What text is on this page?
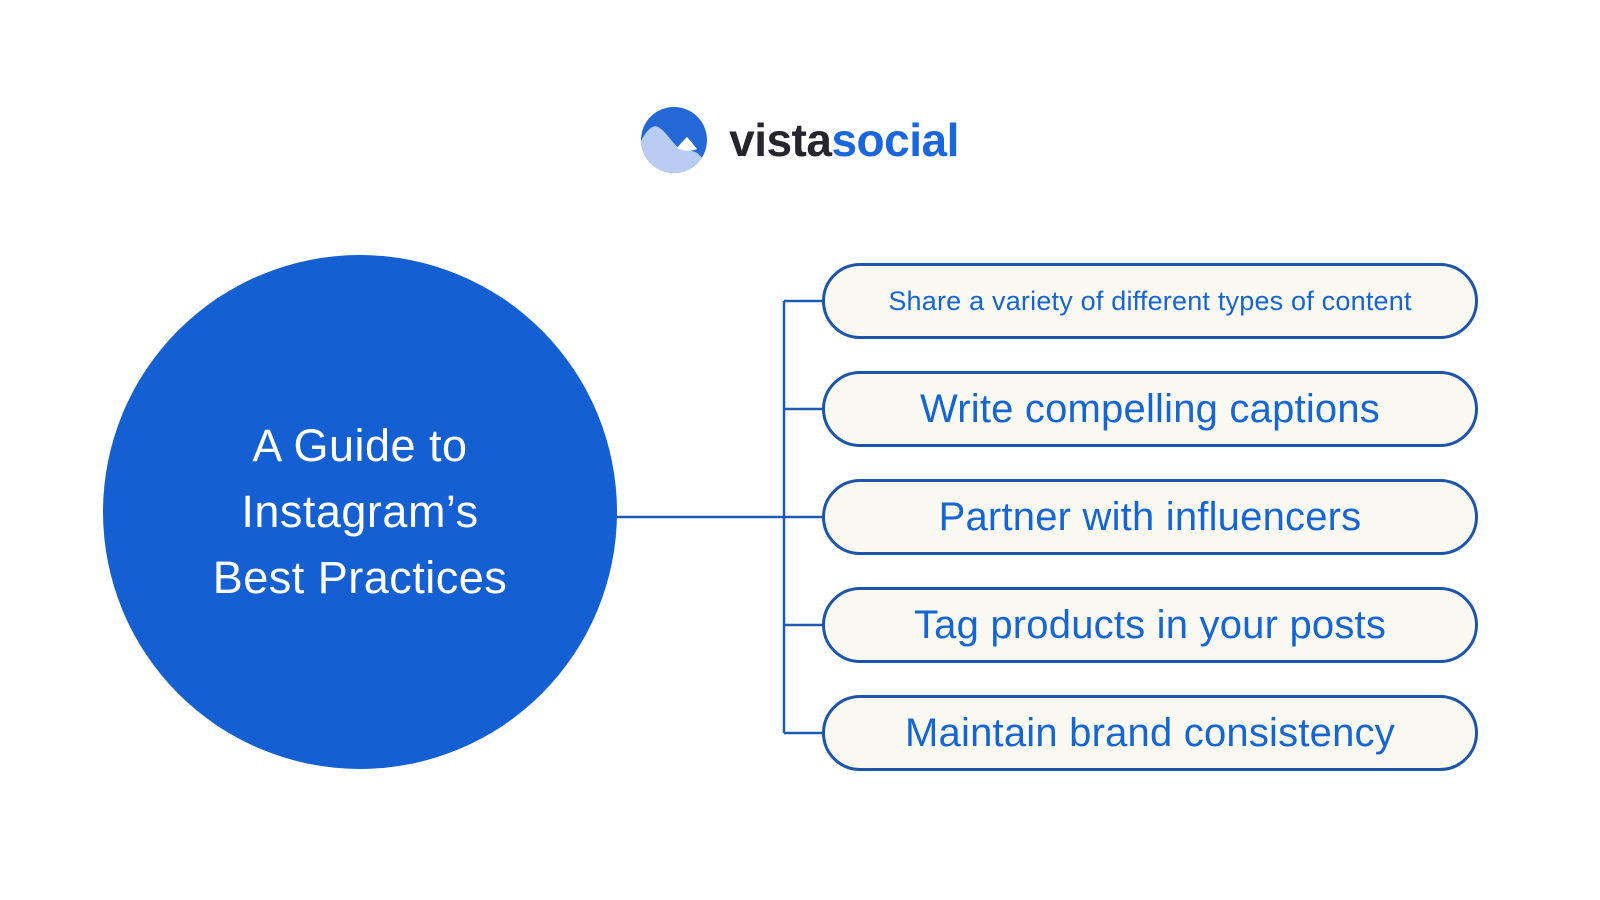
vistasocial
A Guide to
Instagram’s
Best Practices
Share a variety of different types of content
Write compelling captions
Partner with influencers
Tag products in your posts
Maintain brand consistency
